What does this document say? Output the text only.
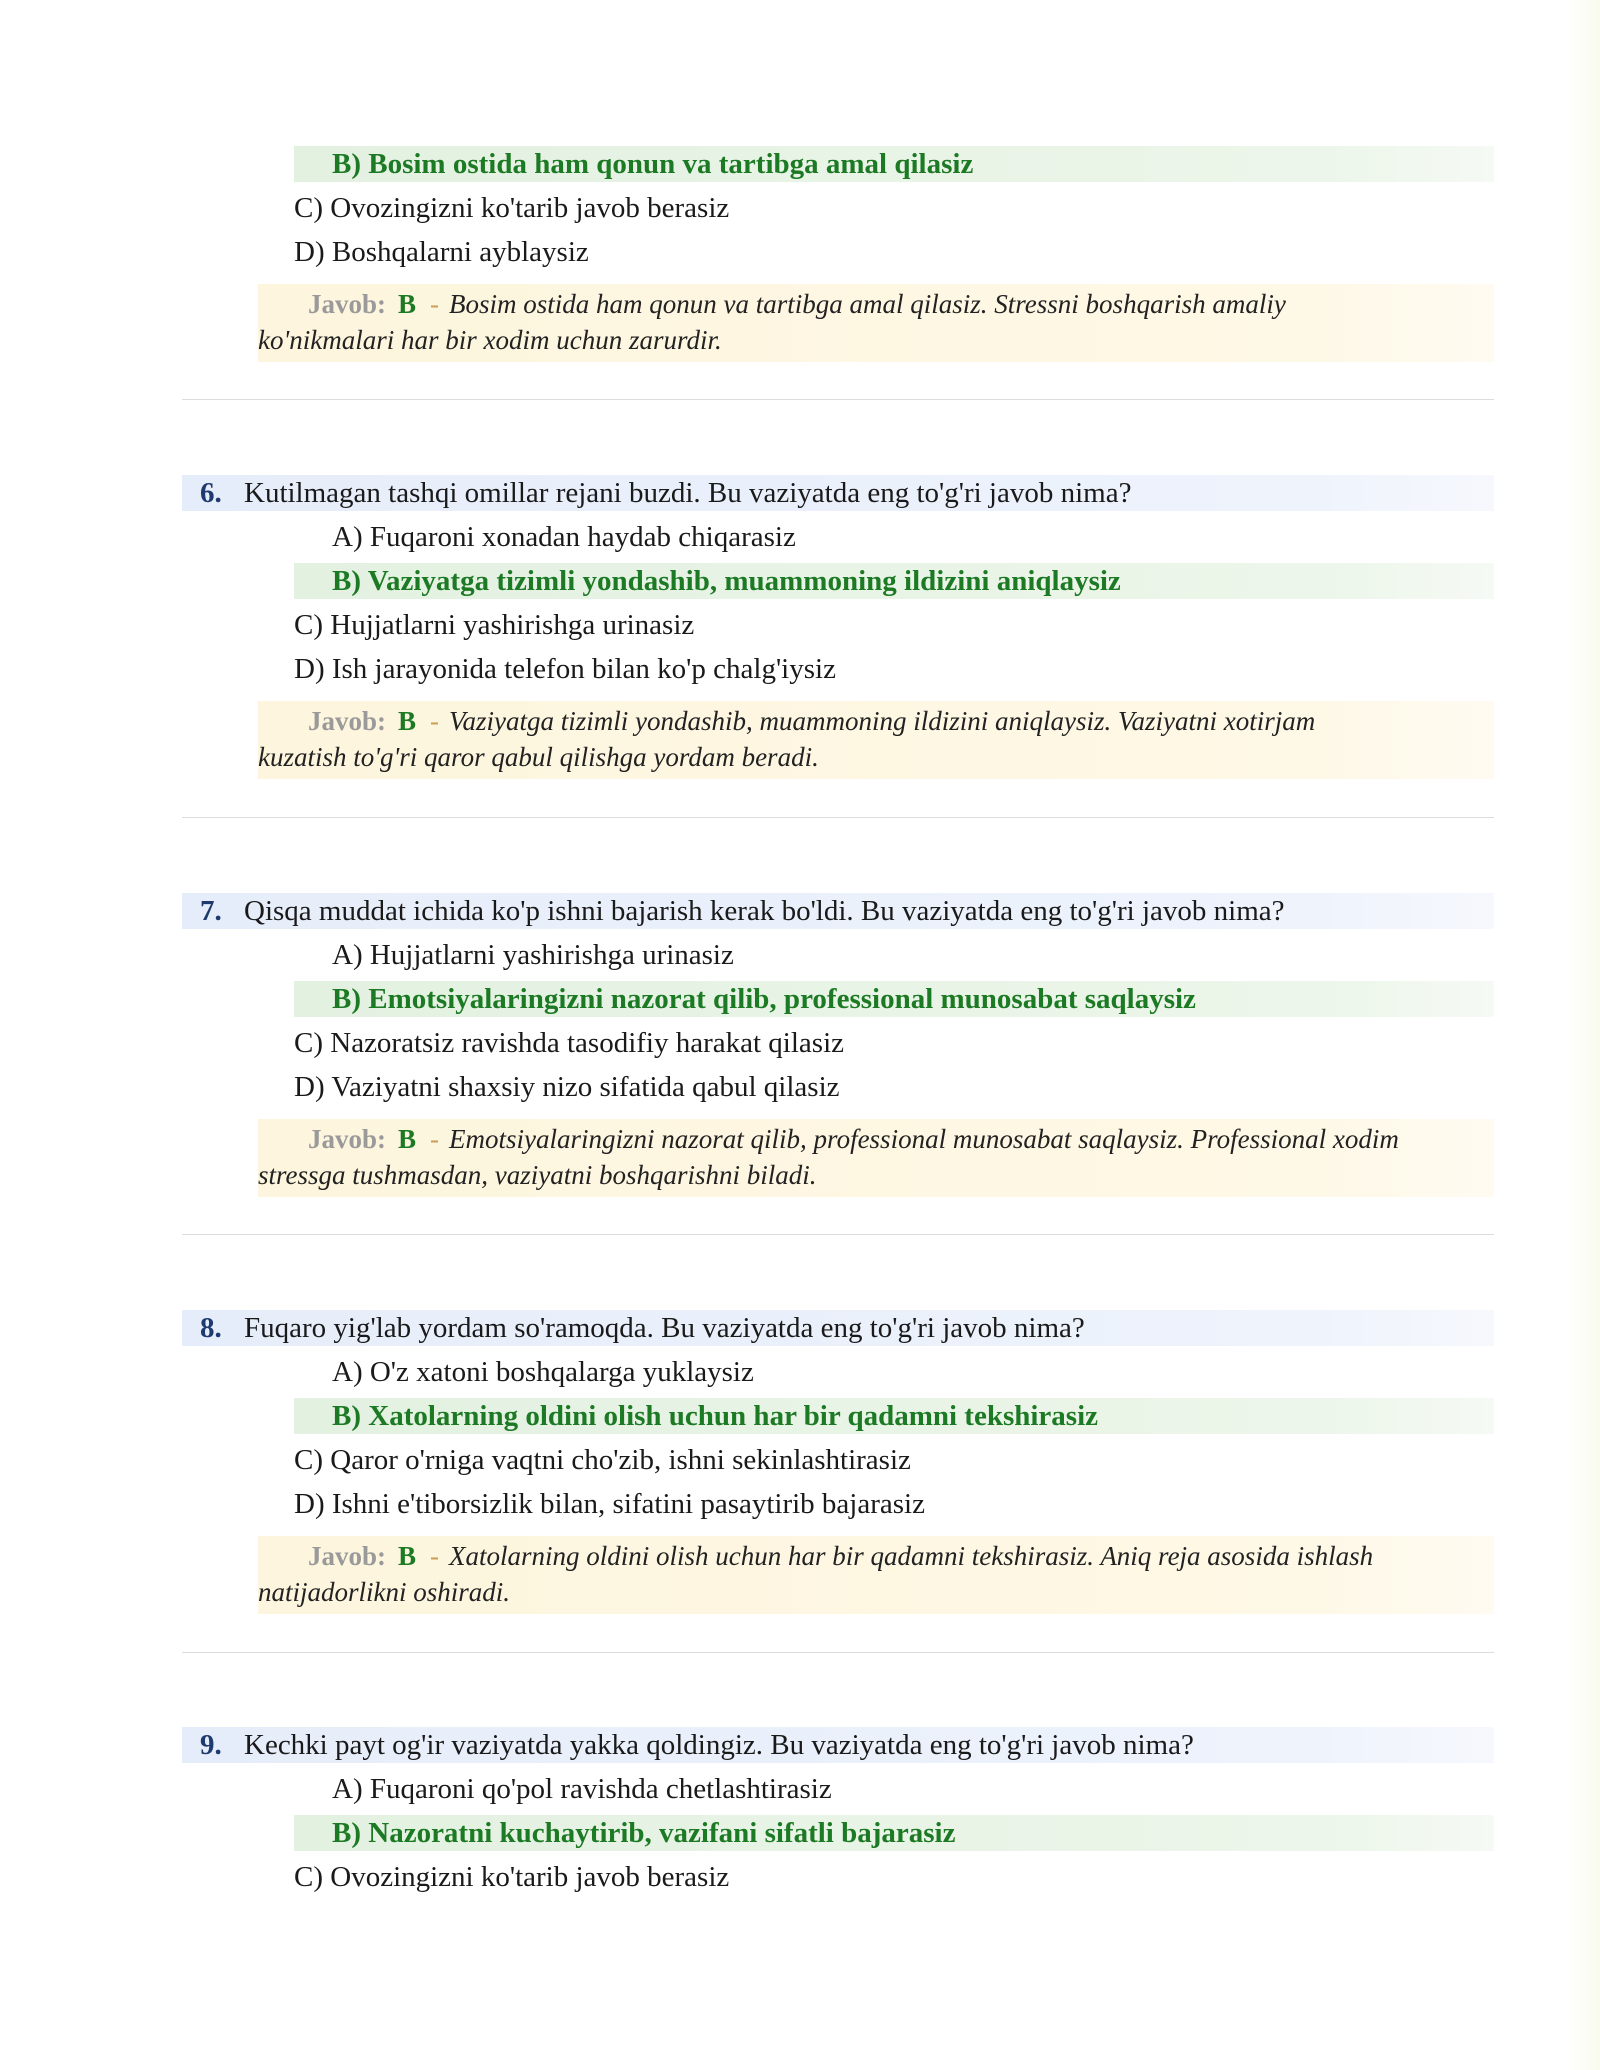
B) Bosim ostida ham qonun va tartibga amal qilasiz
C) Ovozingizni ko'tarib javob berasiz
D) Boshqalarni ayblaysiz
Javob: B - Bosim ostida ham qonun va tartibga amal qilasiz. Stressni boshqarish amaliy
ko'nikmalari har bir xodim uchun zarurdir.
6. Kutilmagan tashqi omillar rejani buzdi. Bu vaziyatda eng to'g'ri javob nima?
A) Fuqaroni xonadan haydab chiqarasiz
B) Vaziyatga tizimli yondashib, muammoning ildizini aniqlaysiz
C) Hujjatlarni yashirishga urinasiz
D) Ish jarayonida telefon bilan ko'p chalg'iysiz
Javob: B - Vaziyatga tizimli yondashib, muammoning ildizini aniqlaysiz. Vaziyatni xotirjam
kuzatish to'g'ri qaror qabul qilishga yordam beradi.
7. Qisqa muddat ichida ko'p ishni bajarish kerak bo'ldi. Bu vaziyatda eng to'g'ri javob nima?
A) Hujjatlarni yashirishga urinasiz
B) Emotsiyalaringizni nazorat qilib, professional munosabat saqlaysiz
C) Nazoratsiz ravishda tasodifiy harakat qilasiz
D) Vaziyatni shaxsiy nizo sifatida qabul qilasiz
Javob: B - Emotsiyalaringizni nazorat qilib, professional munosabat saqlaysiz. Professional xodim
stressga tushmasdan, vaziyatni boshqarishni biladi.
8. Fuqaro yig'lab yordam so'ramoqda. Bu vaziyatda eng to'g'ri javob nima?
A) O'z xatoni boshqalarga yuklaysiz
B) Xatolarning oldini olish uchun har bir qadamni tekshirasiz
C) Qaror o'rniga vaqtni cho'zib, ishni sekinlashtirasiz
D) Ishni e'tiborsizlik bilan, sifatini pasaytirib bajarasiz
Javob: B - Xatolarning oldini olish uchun har bir qadamni tekshirasiz. Aniq reja asosida ishlash
natijadorlikni oshiradi.
9. Kechki payt og'ir vaziyatda yakka qoldingiz. Bu vaziyatda eng to'g'ri javob nima?
A) Fuqaroni qo'pol ravishda chetlashtirasiz
B) Nazoratni kuchaytirib, vazifani sifatli bajarasiz
C) Ovozingizni ko'tarib javob berasiz
